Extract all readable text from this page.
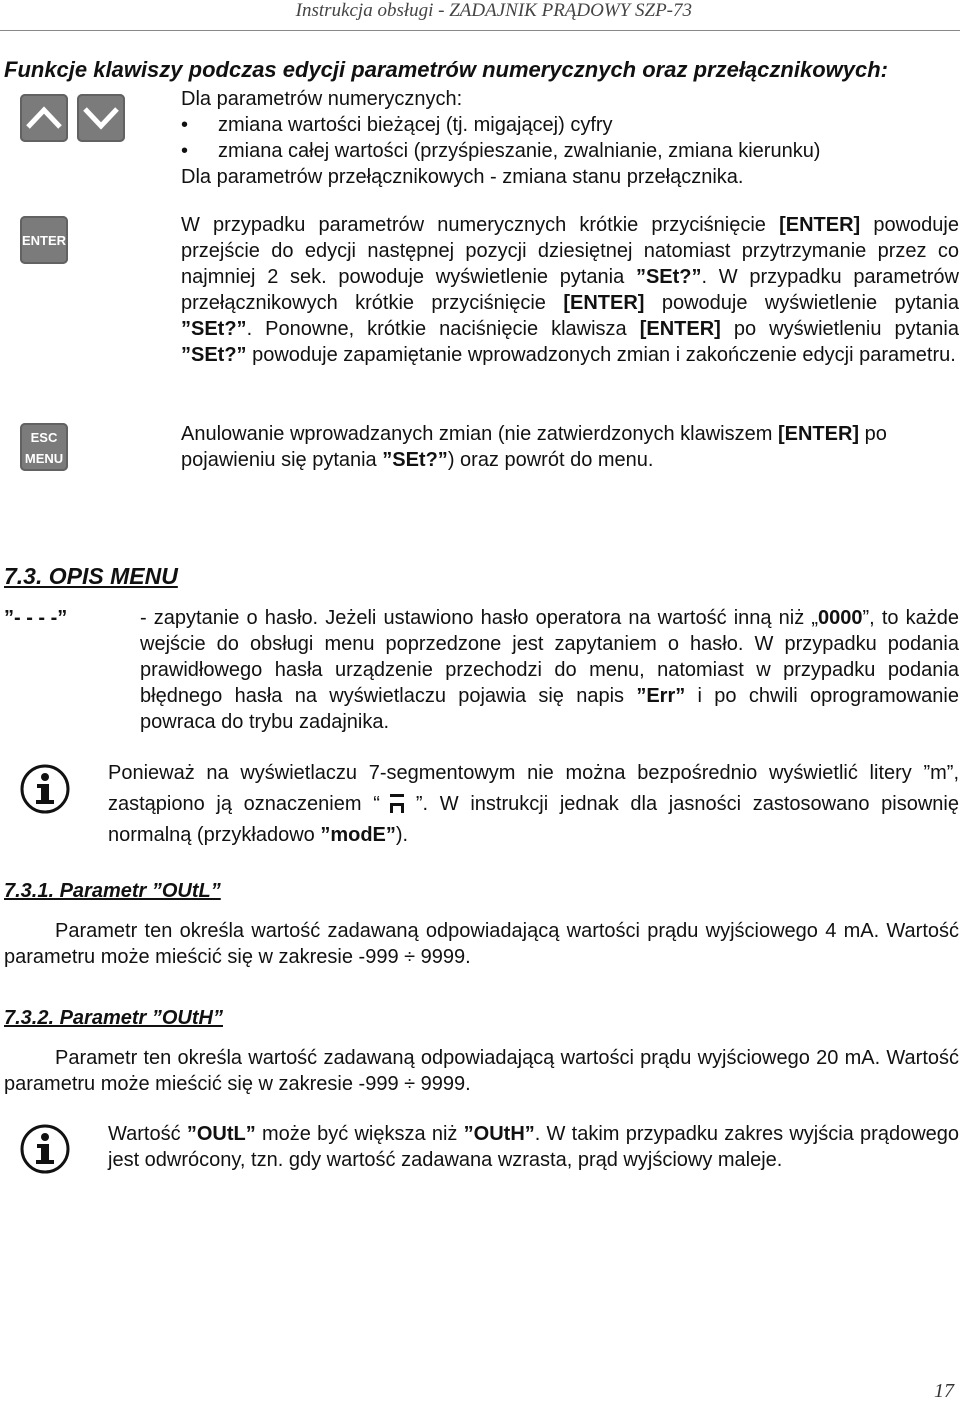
Instrukcja obsługi - ZADAJNIK PRĄDOWY SZP-73
Funkcje klawiszy podczas edycji parametrów numerycznych oraz przełącznikowych:
Dla parametrów numerycznych:
• zmiana wartości bieżącej (tj. migającej) cyfry
• zmiana całej wartości (przyśpieszanie, zwalnianie, zmiana kierunku)
Dla parametrów przełącznikowych - zmiana stanu przełącznika.
ENTER
W przypadku parametrów numerycznych krótkie przyciśnięcie [ENTER] powoduje przejście do edycji następnej pozycji dziesiętnej natomiast przytrzymanie przez co najmniej 2 sek. powoduje wyświetlenie pytania ”SEt?”. W przypadku parametrów przełącznikowych krótkie przyciśnięcie [ENTER] powoduje wyświetlenie pytania ”SEt?”. Ponowne, krótkie naciśnięcie klawisza [ENTER] po wyświetleniu pytania ”SEt?” powoduje zapamiętanie wprowadzonych zmian i zakończenie edycji parametru.
ESC
MENU
Anulowanie wprowadzanych zmian (nie zatwierdzonych klawiszem [ENTER] po pojawieniu się pytania ”SEt?”) oraz powrót do menu.
7.3. OPIS MENU
”- - - -”	- zapytanie o hasło. Jeżeli ustawiono hasło operatora na wartość inną niż „0000”, to każde wejście do obsługi menu poprzedzone jest zapytaniem o hasło. W przypadku podania prawidłowego hasła urządzenie przechodzi do menu, natomiast w przypadku podania błędnego hasła na wyświetlaczu pojawia się napis ”Err” i po chwili oprogramowanie powraca do trybu zadajnika.
Ponieważ na wyświetlaczu 7-segmentowym nie można bezpośrednio wyświetlić litery ”m”, zastąpiono ją oznaczeniem “ ”. W instrukcji jednak dla jasności zastosowano pisownię normalną (przykładowo ”modE”).
7.3.1. Parametr ”OUtL”
Parametr ten określa wartość zadawaną odpowiadającą wartości prądu wyjściowego 4 mA. Wartość parametru może mieścić się w zakresie -999 ÷ 9999.
7.3.2. Parametr ”OUtH”
Parametr ten określa wartość zadawaną odpowiadającą wartości prądu wyjściowego 20 mA. Wartość parametru może mieścić się w zakresie -999 ÷ 9999.
Wartość ”OUtL” może być większa niż ”OUtH”. W takim przypadku zakres wyjścia prądowego jest odwrócony, tzn. gdy wartość zadawana wzrasta, prąd wyjściowy maleje.
17
